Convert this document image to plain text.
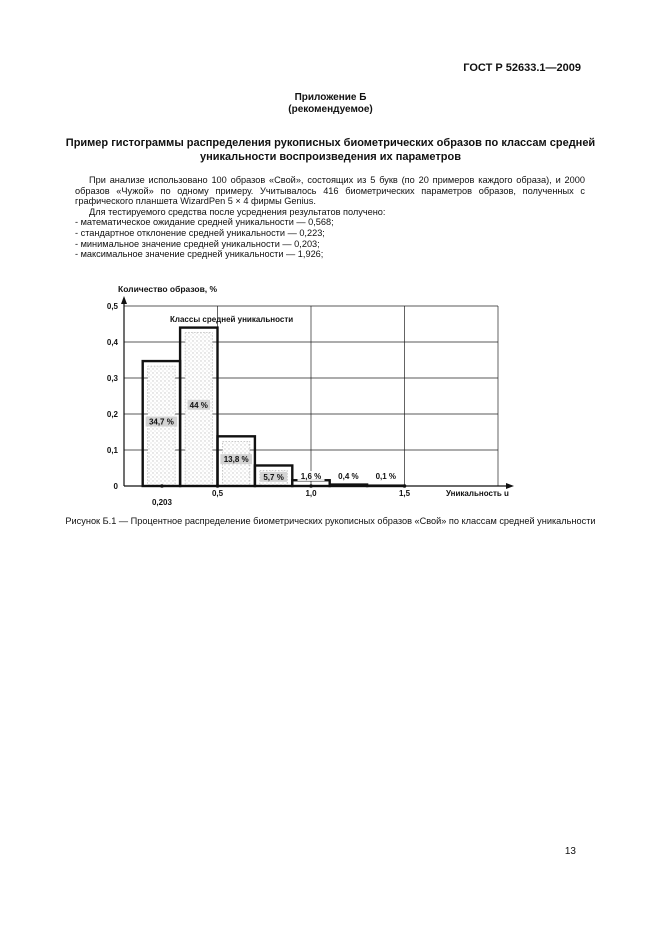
ГОСТ Р 52633.1—2009
Приложение Б
(рекомендуемое)
Пример гистограммы распределения рукописных биометрических образов по классам средней уникальности воспроизведения их параметров

При анализе использовано 100 образов «Свой», состоящих из 5 букв (по 20 примеров каждого образа), и 2000 образов «Чужой» по одному примеру. Учитывалось 416 биометрических параметров образов, полученных с графического планшета WizardPen 5 × 4 фирмы Genius.

Для тестируемого средства после усреднения результатов получено:

- математическое ожидание средней уникальности — 0,568;
- стандартное отклонение средней уникальности — 0,223;
- минимальное значение средней уникальности — 0,203;
- максимальное значение средней уникальности — 1,926;
34,7 %
44 %
13,8 %
5,7 % 1,6 % 0,4 % 0,1 %
0
0,1
0,2
0,3
0,4
0,5
0,203
0,5	1,0	1,5
Количество образов, %
Классы средней уникальности
Уникальность u
Рисунок Б.1 — Процентное распределение биометрических рукописных образов «Свой» по классам средней уникальности
13
